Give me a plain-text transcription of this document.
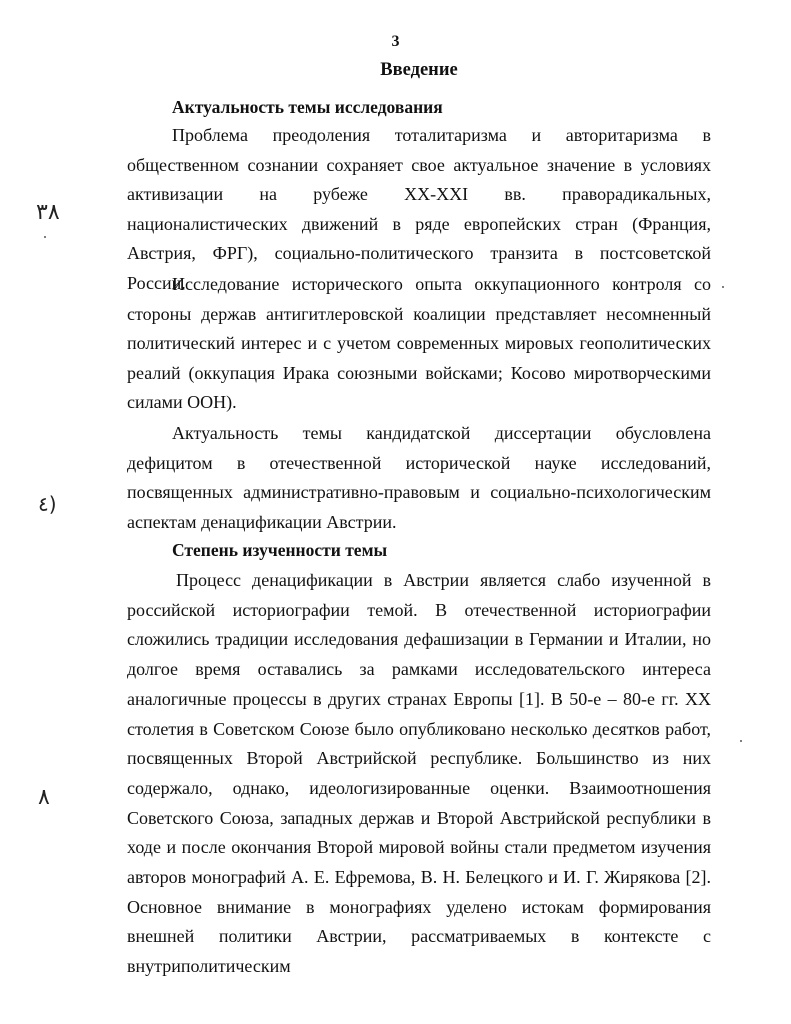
3
Введение
Актуальность темы исследования

Проблема преодоления тоталитаризма и авторитаризма в общественном сознании сохраняет свое актуальное значение в условиях активизации на рубеже XX-XXI вв. праворадикальных, националистических движений в ряде европейских стран (Франция, Австрия, ФРГ), социально-политического транзита в постсоветской России.

Исследование исторического опыта оккупационного контроля со стороны держав антигитлеровской коалиции представляет несомненный политический интерес и с учетом современных мировых геополитических реалий (оккупация Ирака союзными войсками; Косово миротворческими силами ООН).

Актуальность темы кандидатской диссертации обусловлена дефицитом в отечественной исторической науке исследований, посвященных административно-правовым и социально-психологическим аспектам денацификации Австрии.

Степень изученности темы

Процесс денацификации в Австрии является слабо изученной в российской историографии темой. В отечественной историографии сложились традиции исследования дефашизации в Германии и Италии, но долгое время оставались за рамками исследовательского интереса аналогичные процессы в других странах Европы [1]. В 50-е – 80-е гг. XX столетия в Советском Союзе было опубликовано несколько десятков работ, посвященных Второй Австрийской республике. Большинство из них содержало, однако, идеологизированные оценки. Взаимоотношения Советского Союза, западных держав и Второй Австрийской республики в ходе и после окончания Второй мировой войны стали предметом изучения авторов монографий А. Е. Ефремова, В. Н. Белецкого и И. Г. Жирякова [2]. Основное внимание в монографиях уделено истокам формирования внешней политики Австрии, рассматриваемых в контексте с внутриполитическим

٣٨
٤)
٨
